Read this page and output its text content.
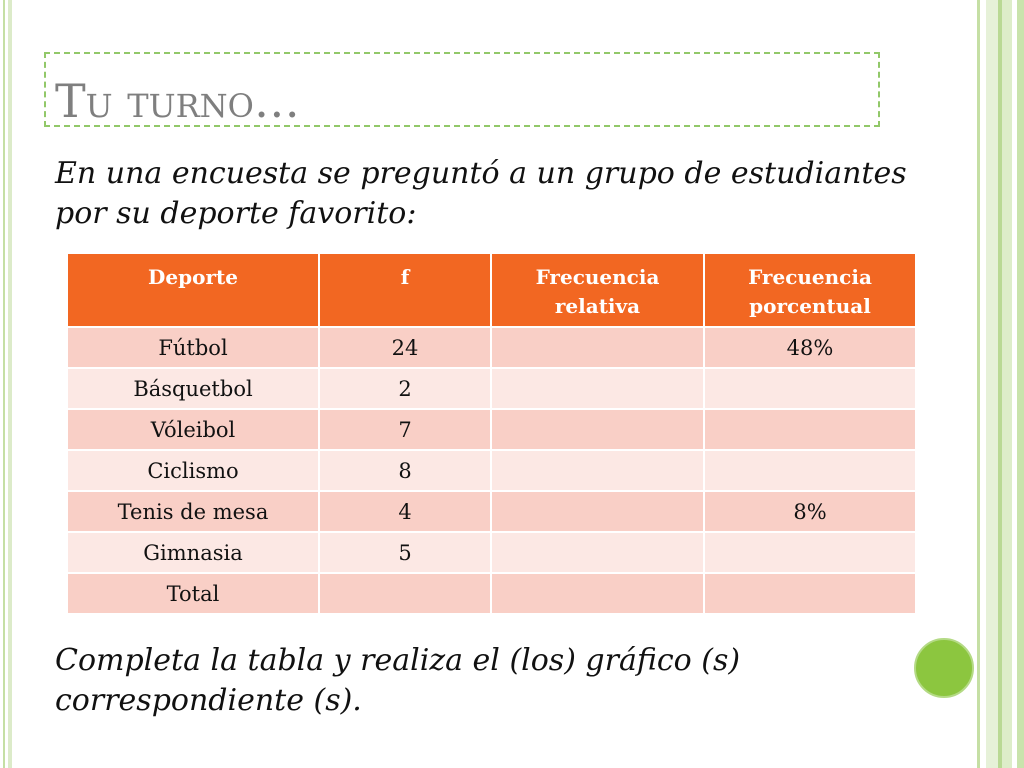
Tu turno…
En una encuesta se preguntó a un grupo de estudiantes
por su deporte favorito:
Deporte	f	Frecuencia relativa	Frecuencia porcentual
Fútbol	24		48%
Básquetbol	2		
Vóleibol	7		
Ciclismo	8		
Tenis de mesa	4		8%
Gimnasia	5		
Total			
Completa la tabla y realiza el (los) gráfico (s)
correspondiente (s).
